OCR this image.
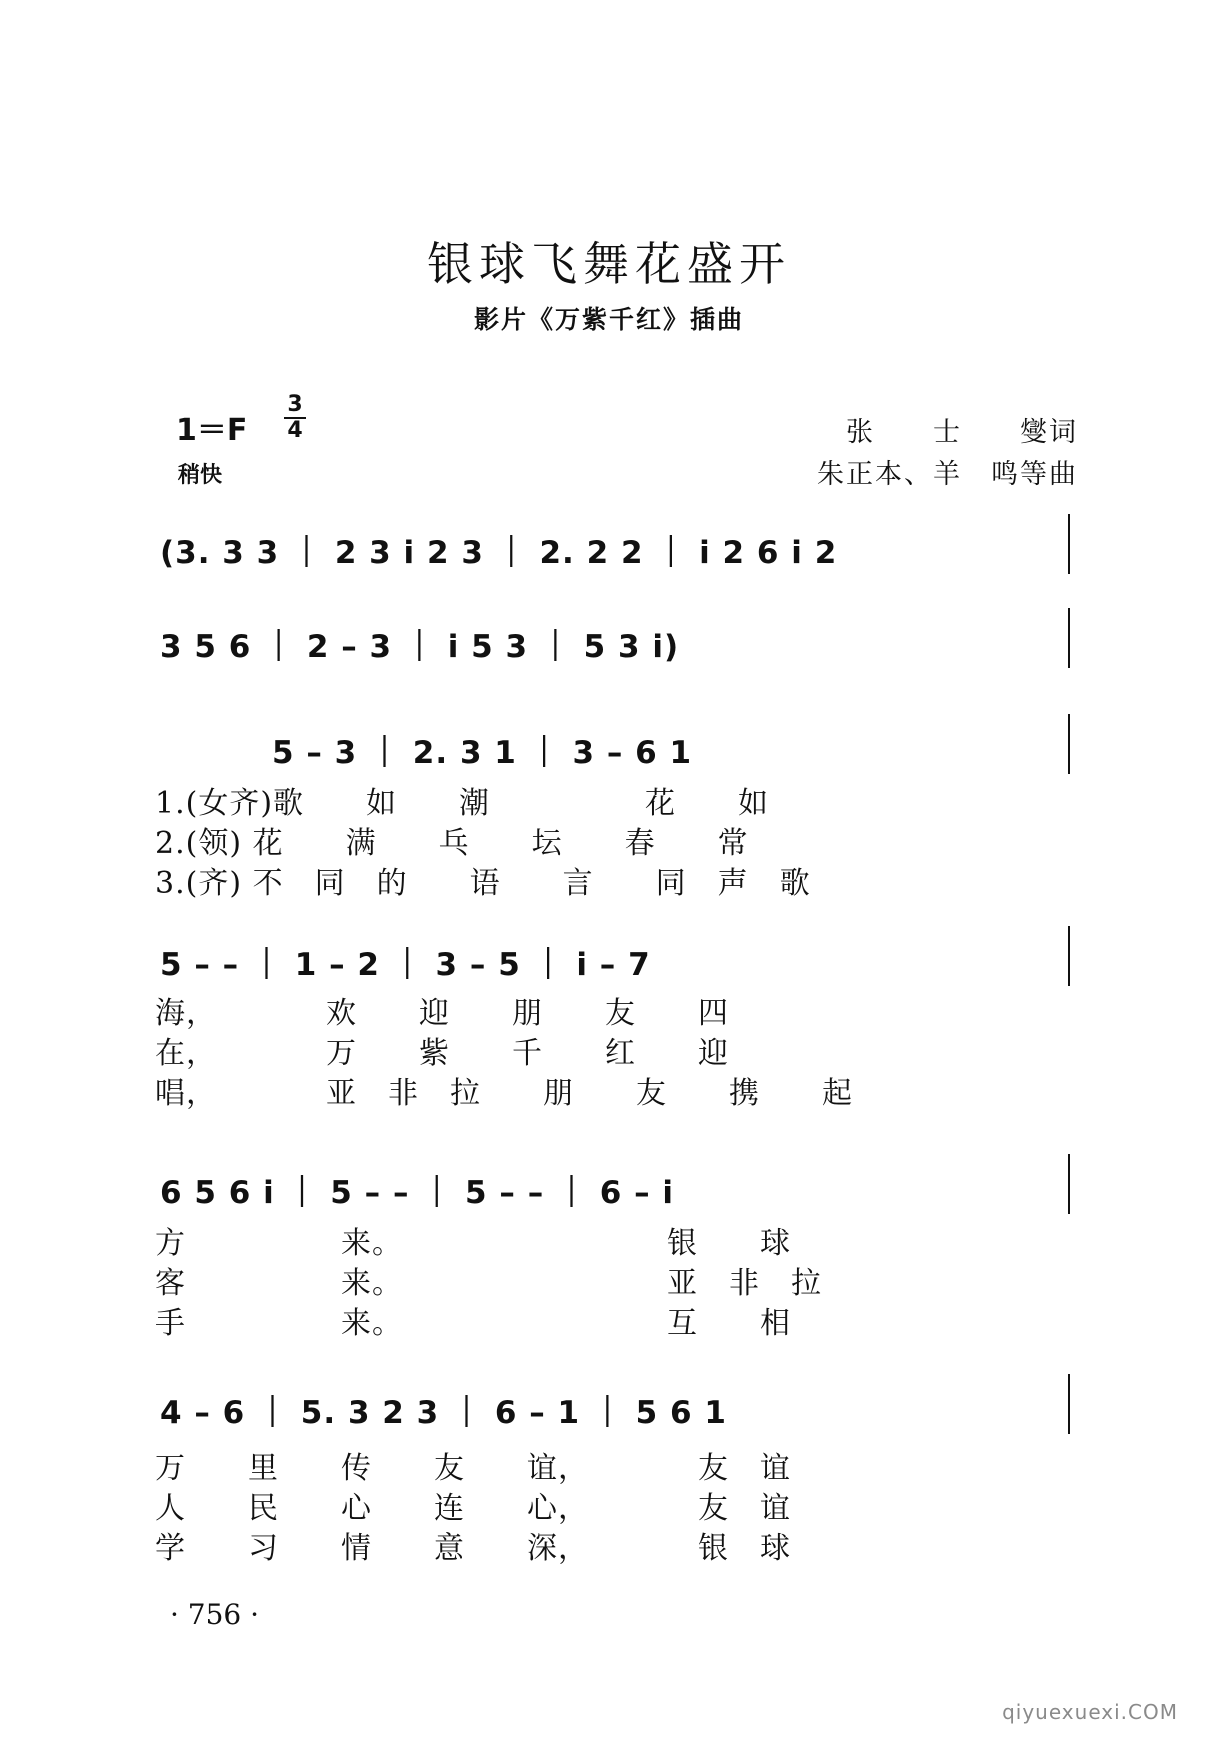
银球飞舞花盛开
影片《万紫千红》插曲
1＝F
3
4
稍快
张　　士　　燮词
朱正本、羊　鸣等曲
(3. 3 3 ｜ 2 3 i 2 3 ｜ 2. 2 2 ｜ i 2 6 i 2
3 5 6 ｜ 2 – 3 ｜ i 5 3 ｜ 5 3 i)
5 – 3 ｜ 2. 3 1 ｜ 3 – 6 1
1.(女齐)歌　　如　　潮　　　　　花　　如
2.(领) 花　　满　　乓　　坛　　春　　常
3.(齐) 不　同　的　　语　　言　　同　声　歌
5 – – ｜ 1 – 2 ｜ 3 – 5 ｜ i – 7
海，　　　　欢　　迎　　朋　　友　　四
在，　　　　万　　紫　　千　　红　　迎
唱，　　　　亚　非　拉　　朋　　友　　携　　起
6 5 6 i ｜ 5 – – ｜ 5 – – ｜ 6 – i
方　　　　　来。　　　　　　　　　银　　球
客　　　　　来。　　　　　　　　　亚　非　拉
手　　　　　来。　　　　　　　　　互　　相
4 – 6 ｜ 5. 3 2 3 ｜ 6 – 1 ｜ 5 6 1
万　　里　　传　　友　　谊，　　　　友　谊
人　　民　　心　　连　　心，　　　　友　谊
学　　习　　情　　意　　深，　　　　银　球
· 756 ·
qiyuexuexi.COM
